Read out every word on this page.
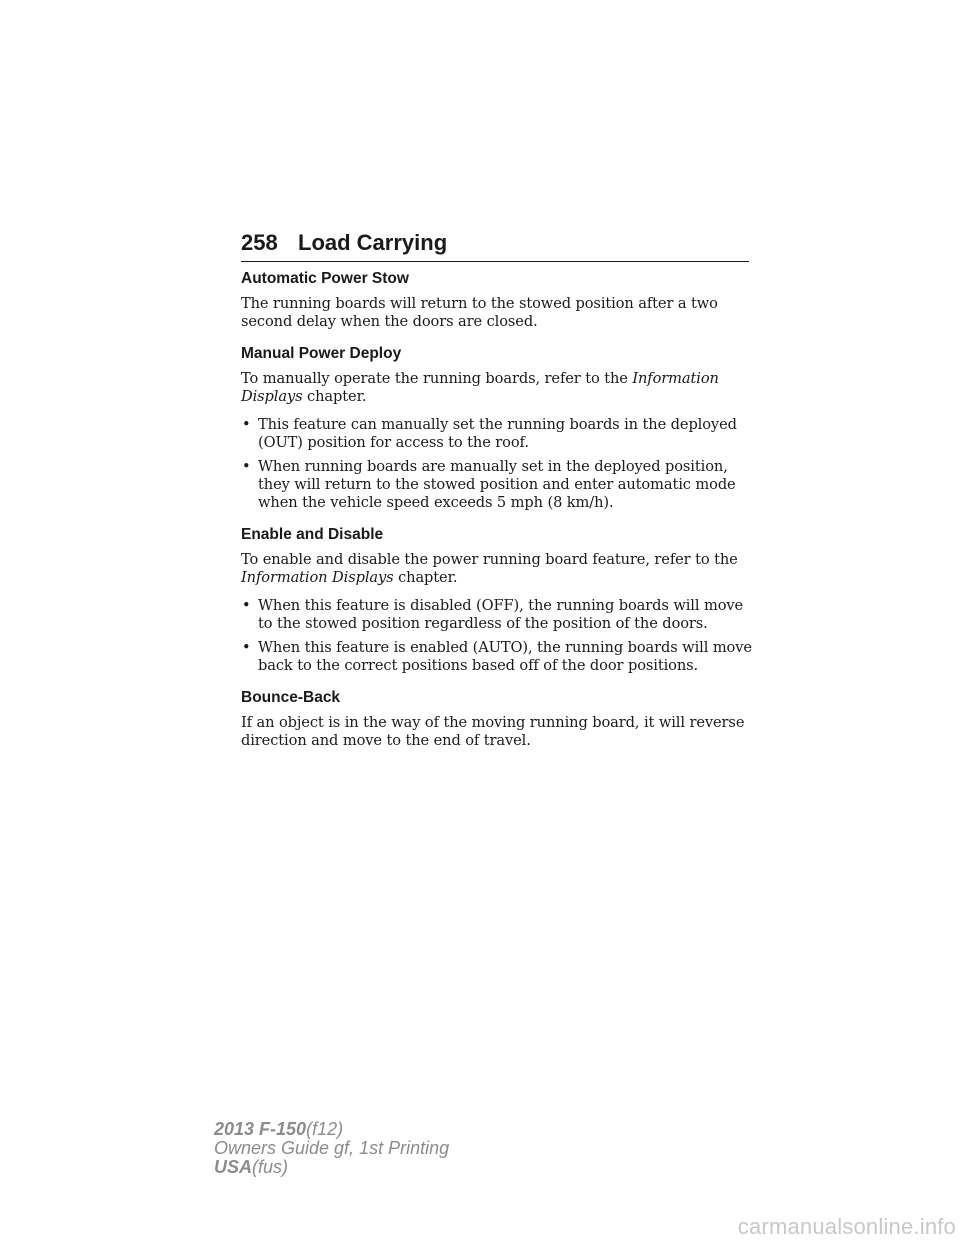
258 Load Carrying
Automatic Power Stow

The running boards will return to the stowed position after a two second delay when the doors are closed.

Manual Power Deploy

To manually operate the running boards, refer to the Information Displays chapter.

• This feature can manually set the running boards in the deployed (OUT) position for access to the roof.
• When running boards are manually set in the deployed position, they will return to the stowed position and enter automatic mode when the vehicle speed exceeds 5 mph (8 km/h).
Enable and Disable

To enable and disable the power running board feature, refer to the Information Displays chapter.

• When this feature is disabled (OFF), the running boards will move to the stowed position regardless of the position of the doors.
• When this feature is enabled (AUTO), the running boards will move back to the correct positions based off of the door positions.
Bounce-Back

If an object is in the way of the moving running board, it will reverse direction and move to the end of travel.

2013 F-150(f12)
Owners Guide gf, 1st Printing
USA(fus)
carmanualsonline.info
